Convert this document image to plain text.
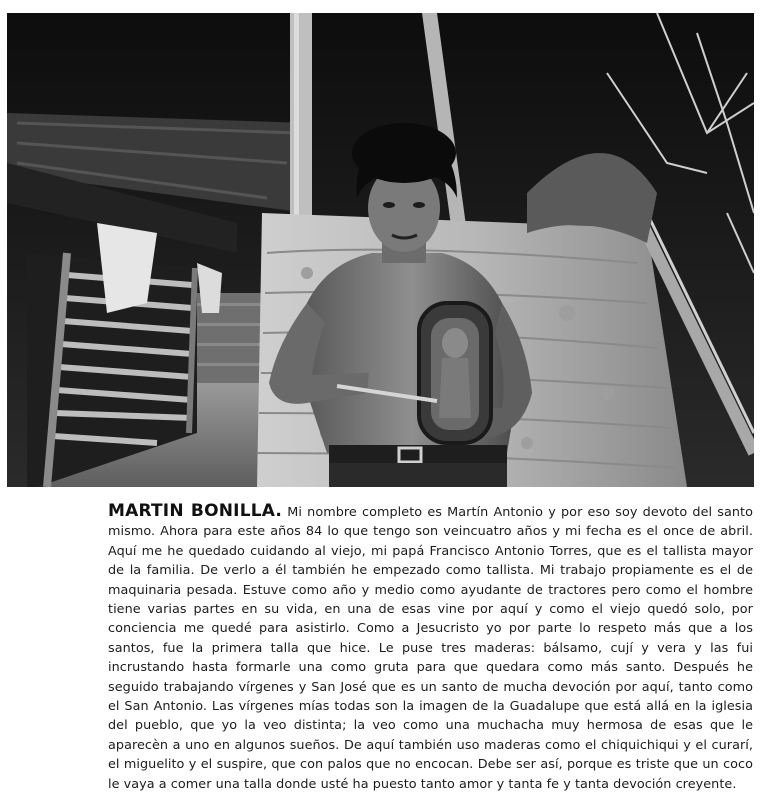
MARTIN BONILLA. Mi nombre completo es Martín Antonio y por eso soy devoto del santo mismo. Ahora para este años 84 lo que tengo son veincuatro años y mi fecha es el once de abril. Aquí me he quedado cuidando al viejo, mi papá Francisco Antonio Torres, que es el tallista mayor de la familia. De verlo a él también he empezado como tallista. Mi trabajo propiamente es el de maquinaria pesada. Estuve como año y medio como ayudante de tractores pero como el hombre tiene varias partes en su vida, en una de esas vine por aquí y como el viejo quedó solo, por conciencia me quedé para asistirlo. Como a Jesucristo yo por parte lo respeto más que a los santos, fue la primera talla que hice. Le puse tres maderas: bálsamo, cují y vera y las fui incrustando hasta formarle una como gruta para que quedara como más santo. Después he seguido trabajando vírgenes y San José que es un santo de mucha devoción por aquí, tanto como el San Antonio. Las vírgenes mías todas son la imagen de la Guadalupe que está allá en la iglesia del pueblo, que yo la veo distinta; la veo como una muchacha muy hermosa de esas que le aparecèn a uno en algunos sueños. De aquí también uso maderas como el chiquichiqui y el curarí, el miguelito y el suspire, que con palos que no encocan. Debe ser así, porque es triste que un coco le vaya a comer una talla donde usté ha puesto tanto amor y tanta fe y tanta devoción creyente.
